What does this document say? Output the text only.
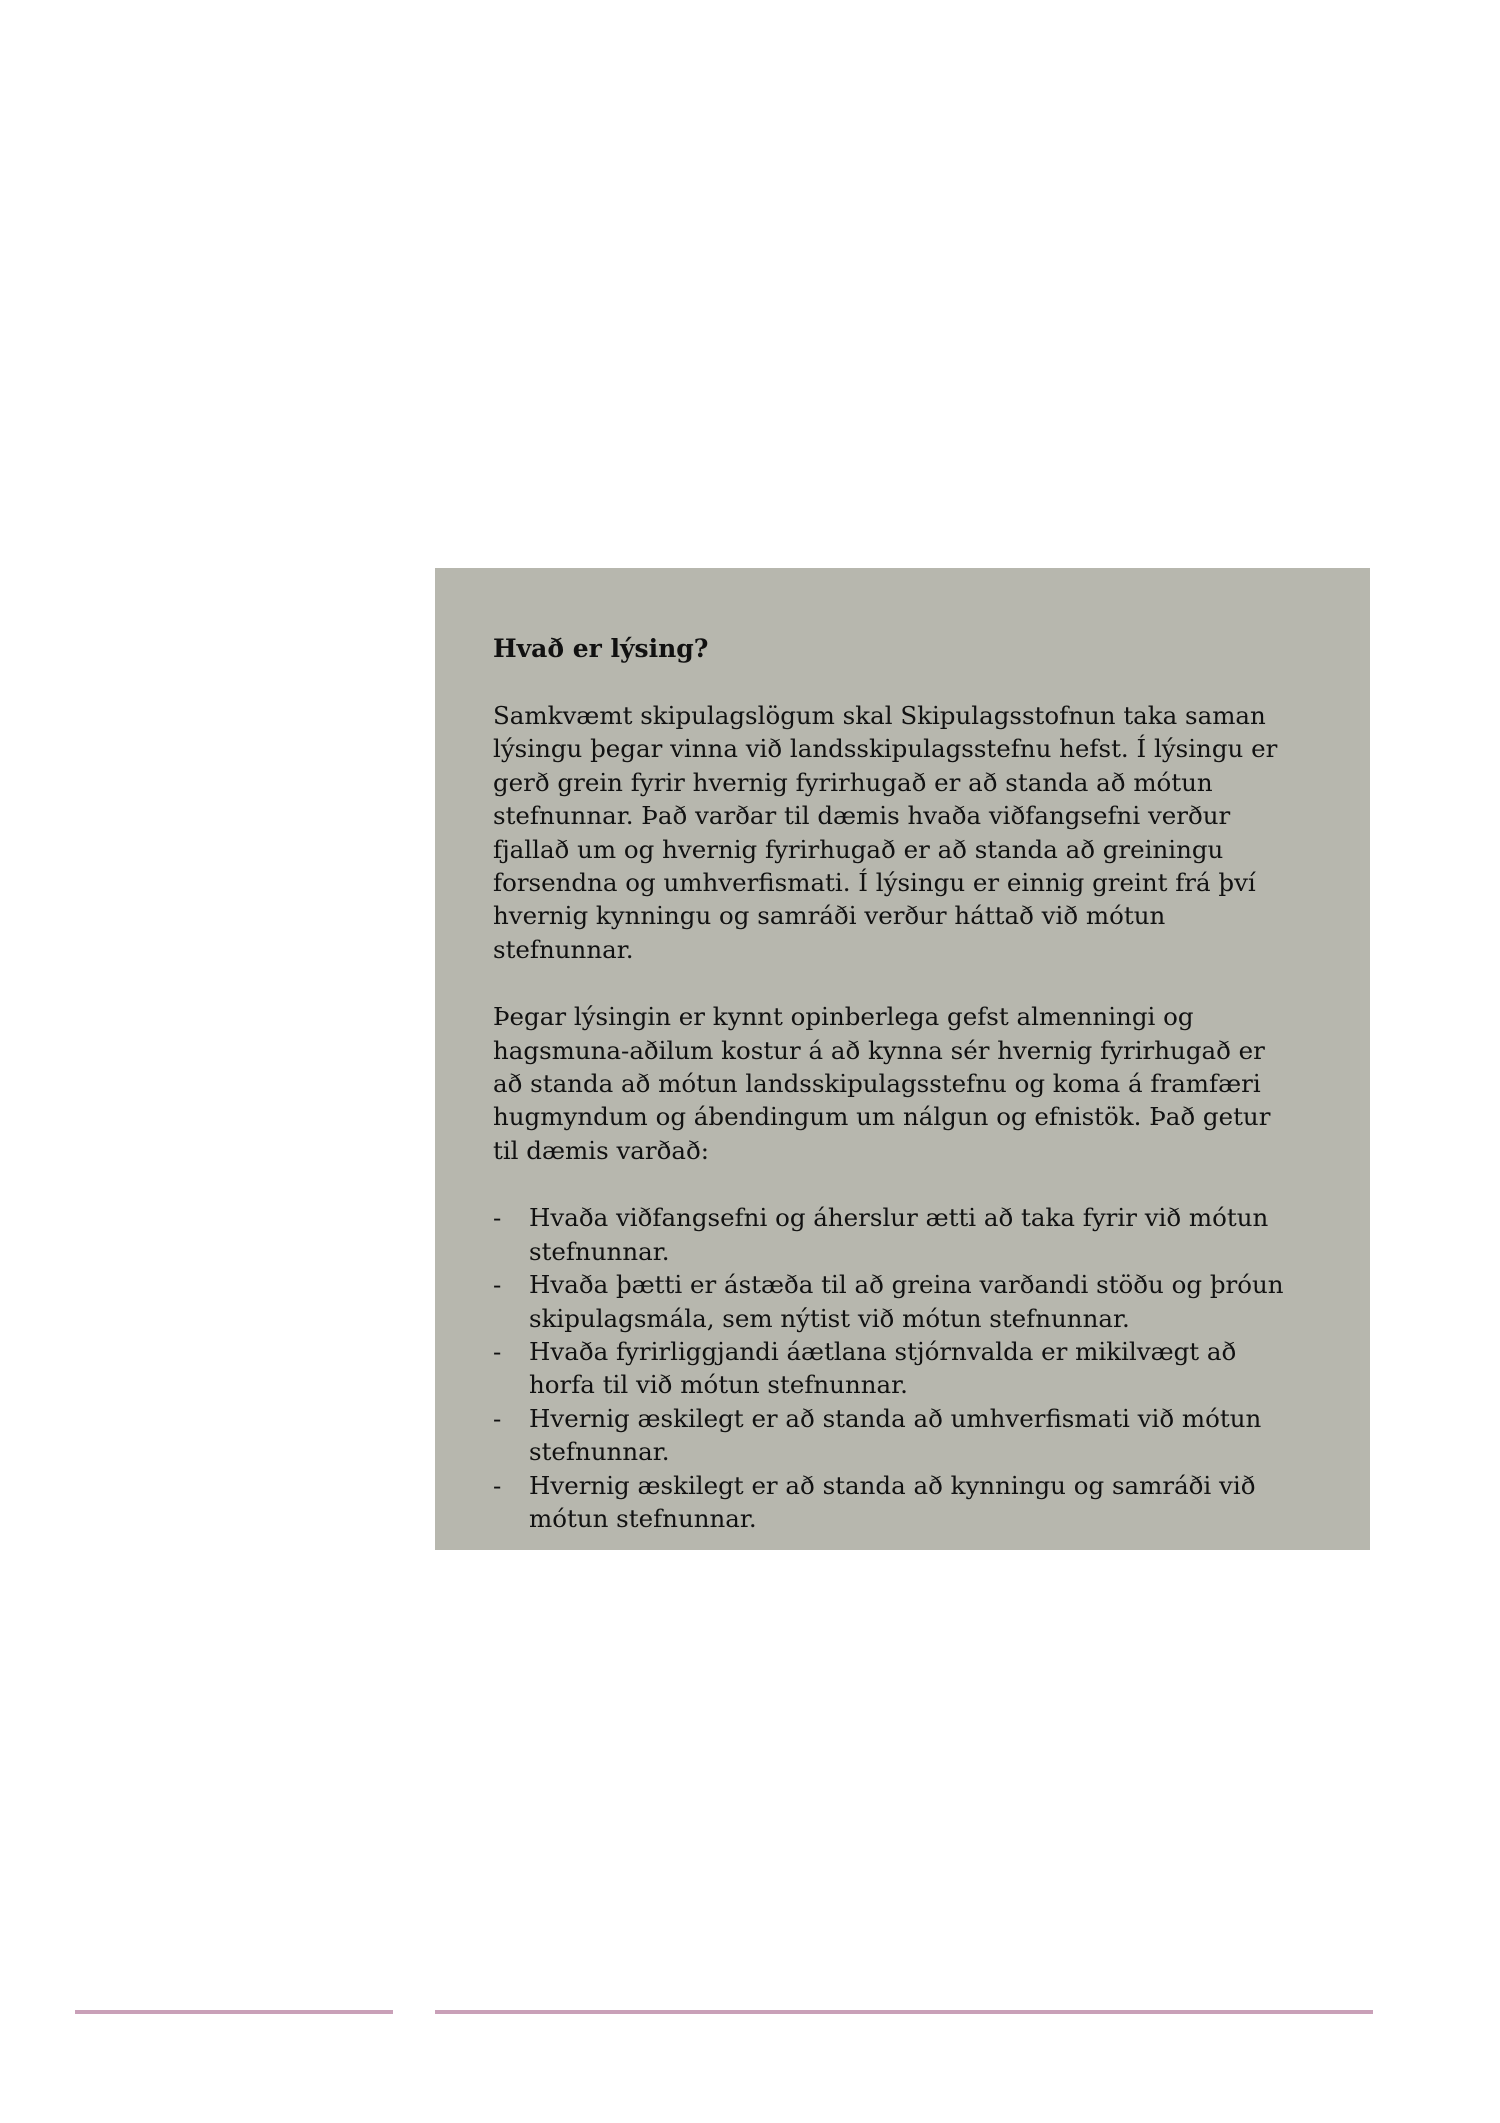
Hvað er lýsing?

Samkvæmt skipulagslögum skal Skipulagsstofnun taka saman lýsingu þegar vinna við landsskipulagsstefnu hefst. Í lýsingu er gerð grein fyrir hvernig fyrirhugað er að standa að mótun stefnunnar. Það varðar til dæmis hvaða viðfangsefni verður fjallað um og hvernig fyrirhugað er að standa að greiningu forsendna og umhverfismati. Í lýsingu er einnig greint frá því hvernig kynningu og samráði verður háttað við mótun stefnunnar.

Þegar lýsingin er kynnt opinberlega gefst almenningi og hagsmuna-aðilum kostur á að kynna sér hvernig fyrirhugað er að standa að mótun landsskipulagsstefnu og koma á framfæri hugmyndum og ábendingum um nálgun og efnistök. Það getur til dæmis varðað:

- Hvaða viðfangsefni og áherslur ætti að taka fyrir við mótun stefnunnar.
- Hvaða þætti er ástæða til að greina varðandi stöðu og þróun skipulagsmála, sem nýtist við mótun stefnunnar.
- Hvaða fyrirliggjandi áætlana stjórnvalda er mikilvægt að horfa til við mótun stefnunnar.
- Hvernig æskilegt er að standa að umhverfismati við mótun stefnunnar.
- Hvernig æskilegt er að standa að kynningu og samráði við mótun stefnunnar.
